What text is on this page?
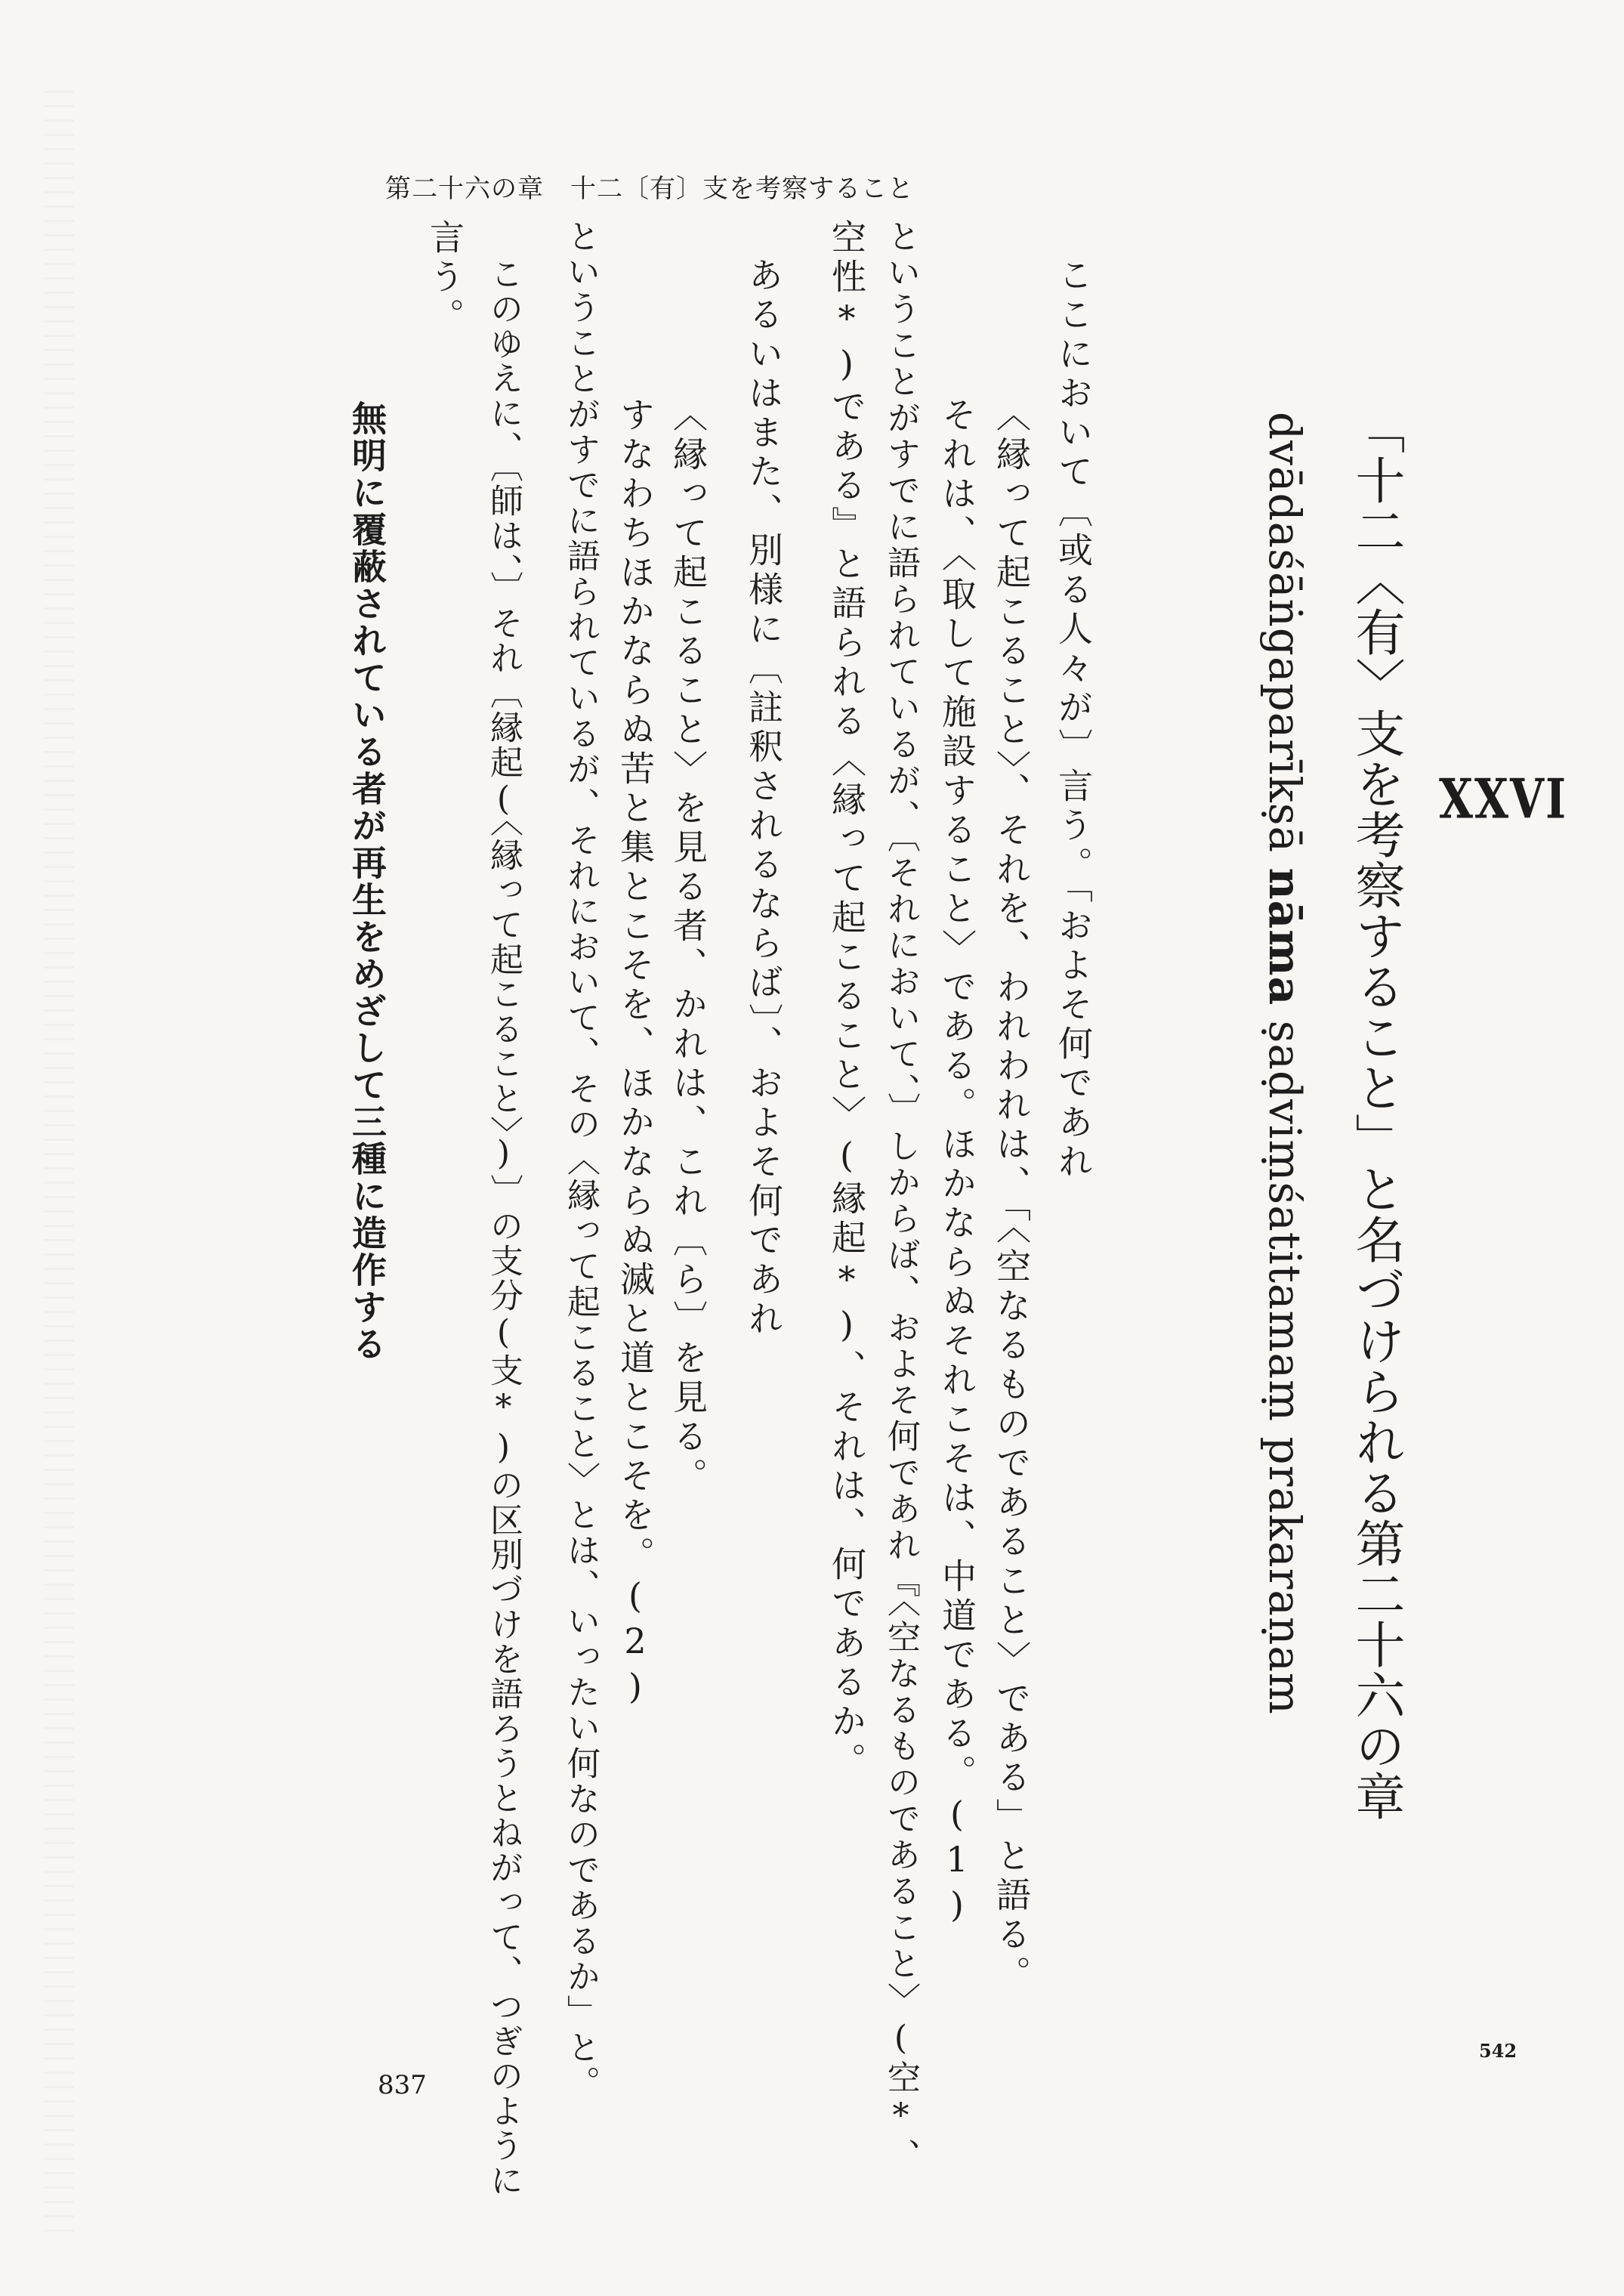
第二十六の章　十二〔有〕支を考察すること
XXVI
「十二〈有〉支を考察すること」と名づけられる第二十六の章
dvādaśāṅgaparīkṣā nāma ṣaḍviṃśatitamaṃ prakaraṇam
ここにおいて〔或る人々が〕言う。「およそ何であれ
〈縁って起こること〉、それを、われわれは、「〈空なるものであること〉である」と語る。
それは、〈取して施設すること〉である。ほかならぬそれこそは、中道である。(1)
ということがすでに語られているが、〔それにおいて、〕しからば、およそ何であれ『〈空なるものであること〉(空*、
空性*)である』と語られる〈縁って起こること〉(縁起*)、それは、何であるか。
あるいはまた、別様に〔註釈されるならば〕、およそ何であれ
〈縁って起こること〉を見る者、かれは、これ〔ら〕を見る。
すなわちほかならぬ苦と集とこそを、ほかならぬ滅と道とこそを。(2)
ということがすでに語られているが、それにおいて、その〈縁って起こること〉とは、いったい何なのであるか」と。
このゆえに、〔師は、〕それ〔縁起(〈縁って起こること〉)〕の支分(支*)の区別づけを語ろうとねがって、つぎのように
言う。
無明に覆蔽されている者が再生をめざして三種に造作する
837
542
